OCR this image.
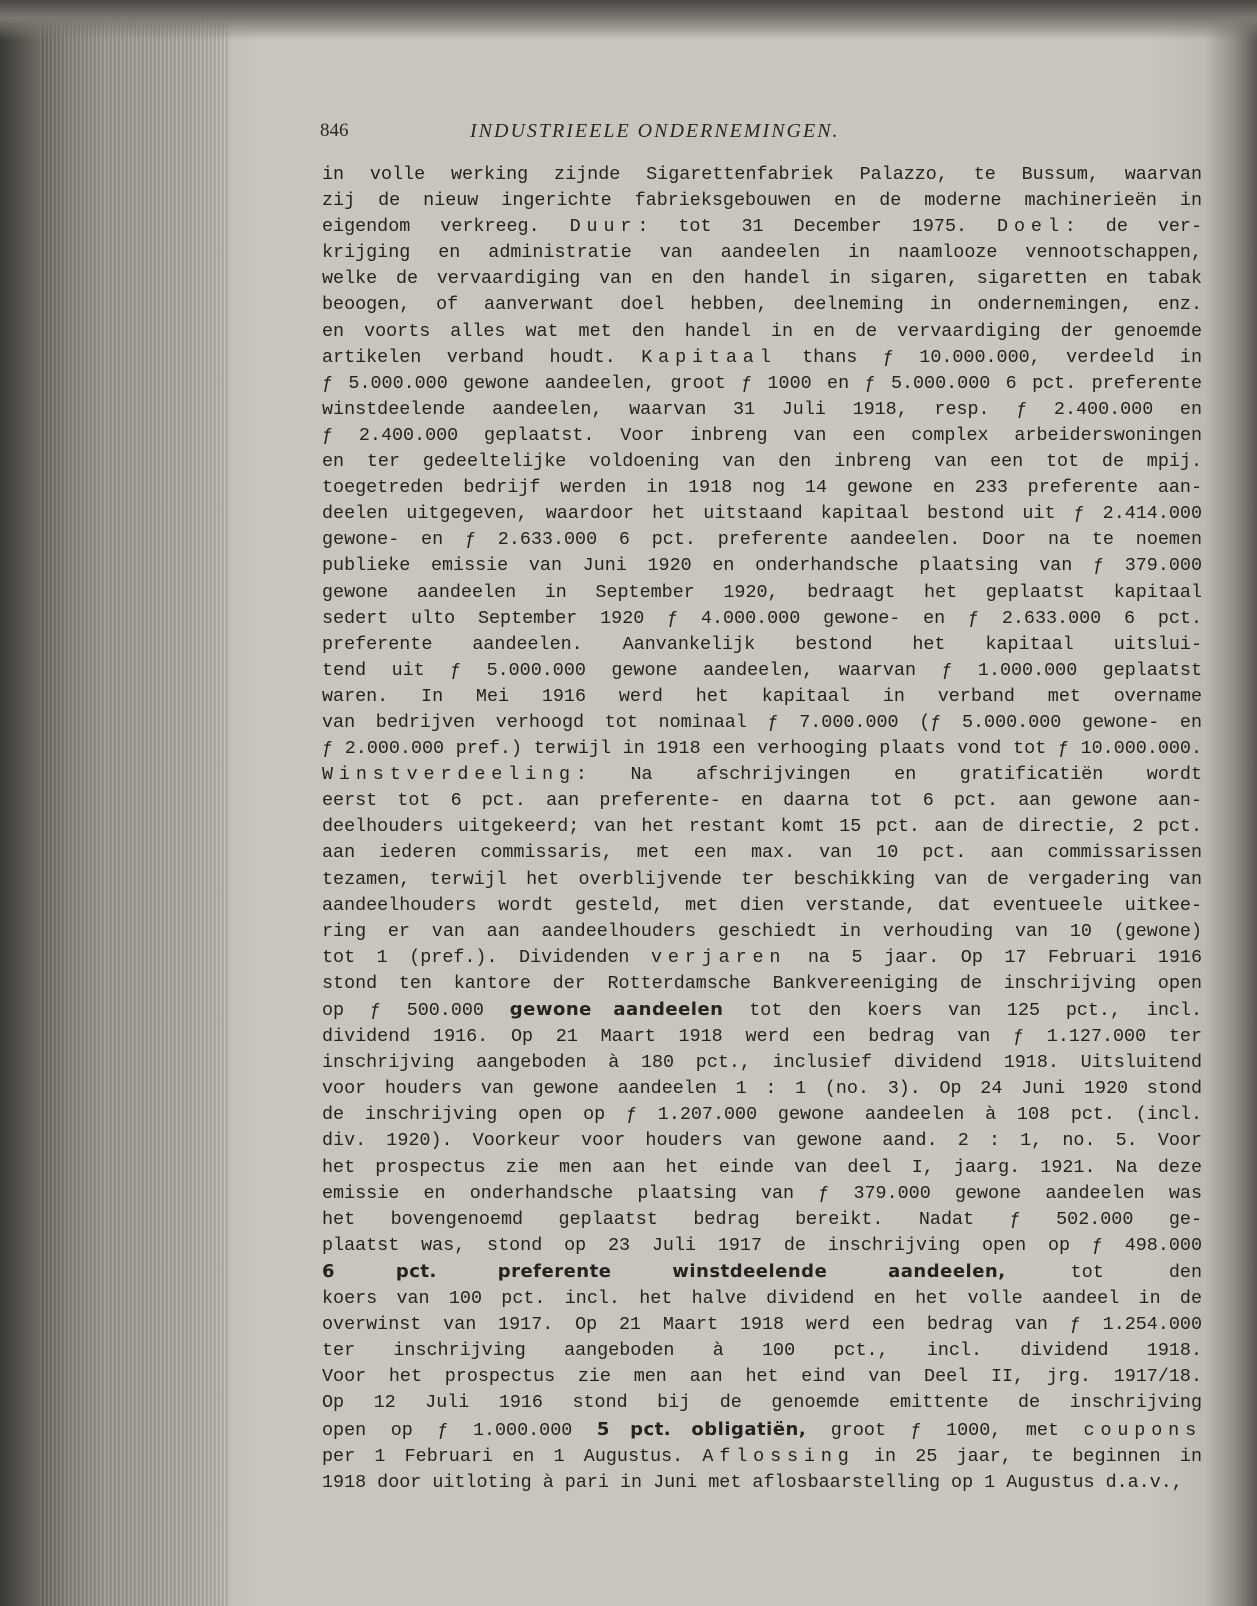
846	INDUSTRIEELE ONDERNEMINGEN.
in volle werking zijnde Sigarettenfabriek Palazzo, te Bussum, waarvan
zij de nieuw ingerichte fabrieksgebouwen en de moderne machinerieën in
eigendom verkreeg. Duur: tot 31 December 1975. Doel: de ver-
krijging en administratie van aandeelen in naamlooze vennootschappen,
welke de vervaardiging van en den handel in sigaren, sigaretten en tabak
beoogen, of aanverwant doel hebben, deelneming in ondernemingen, enz.
en voorts alles wat met den handel in en de vervaardiging der genoemde
artikelen verband houdt. Kapitaal thans ƒ 10.000.000, verdeeld in
ƒ 5.000.000 gewone aandeelen, groot ƒ 1000 en ƒ 5.000.000 6 pct. preferente
winstdeelende aandeelen, waarvan 31 Juli 1918, resp. ƒ 2.400.000 en
ƒ 2.400.000 geplaatst. Voor inbreng van een complex arbeiderswoningen
en ter gedeeltelijke voldoening van den inbreng van een tot de mpij.
toegetreden bedrijf werden in 1918 nog 14 gewone en 233 preferente aan-
deelen uitgegeven, waardoor het uitstaand kapitaal bestond uit ƒ 2.414.000
gewone- en ƒ 2.633.000 6 pct. preferente aandeelen. Door na te noemen
publieke emissie van Juni 1920 en onderhandsche plaatsing van ƒ 379.000
gewone aandeelen in September 1920, bedraagt het geplaatst kapitaal
sedert ulto September 1920 ƒ 4.000.000 gewone- en ƒ 2.633.000 6 pct.
preferente aandeelen. Aanvankelijk bestond het kapitaal uitslui-
tend uit ƒ 5.000.000 gewone aandeelen, waarvan ƒ 1.000.000 geplaatst
waren. In Mei 1916 werd het kapitaal in verband met overname
van bedrijven verhoogd tot nominaal ƒ 7.000.000 (ƒ 5.000.000 gewone- en
ƒ 2.000.000 pref.) terwijl in 1918 een verhooging plaats vond tot ƒ 10.000.000.
Winstverdeeling: Na afschrijvingen en gratificatiën wordt
eerst tot 6 pct. aan preferente- en daarna tot 6 pct. aan gewone aan-
deelhouders uitgekeerd; van het restant komt 15 pct. aan de directie, 2 pct.
aan iederen commissaris, met een max. van 10 pct. aan commissarissen
tezamen, terwijl het overblijvende ter beschikking van de vergadering van
aandeelhouders wordt gesteld, met dien verstande, dat eventueele uitkee-
ring er van aan aandeelhouders geschiedt in verhouding van 10 (gewone)
tot 1 (pref.). Dividenden verjaren na 5 jaar. Op 17 Februari 1916
stond ten kantore der Rotterdamsche Bankvereeniging de inschrijving open
op ƒ 500.000 gewone aandeelen tot den koers van 125 pct., incl.
dividend 1916. Op 21 Maart 1918 werd een bedrag van ƒ 1.127.000 ter
inschrijving aangeboden à 180 pct., inclusief dividend 1918. Uitsluitend
voor houders van gewone aandeelen 1 : 1 (no. 3). Op 24 Juni 1920 stond
de inschrijving open op ƒ 1.207.000 gewone aandeelen à 108 pct. (incl.
div. 1920). Voorkeur voor houders van gewone aand. 2 : 1, no. 5. Voor
het prospectus zie men aan het einde van deel I, jaarg. 1921. Na deze
emissie en onderhandsche plaatsing van ƒ 379.000 gewone aandeelen was
het bovengenoemd geplaatst bedrag bereikt. Nadat ƒ 502.000 ge-
plaatst was, stond op 23 Juli 1917 de inschrijving open op ƒ 498.000
6 pct. preferente winstdeelende aandeelen, tot den
koers van 100 pct. incl. het halve dividend en het volle aandeel in de
overwinst van 1917. Op 21 Maart 1918 werd een bedrag van ƒ 1.254.000
ter inschrijving aangeboden à 100 pct., incl. dividend 1918.
Voor het prospectus zie men aan het eind van Deel II, jrg. 1917/18.
Op 12 Juli 1916 stond bij de genoemde emittente de inschrijving
open op ƒ 1.000.000 5 pct. obligatiën, groot ƒ 1000, met coupons
per 1 Februari en 1 Augustus. Aflossing in 25 jaar, te beginnen in
1918 door uitloting à pari in Juni met aflosbaarstelling op 1 Augustus d.a.v.,
